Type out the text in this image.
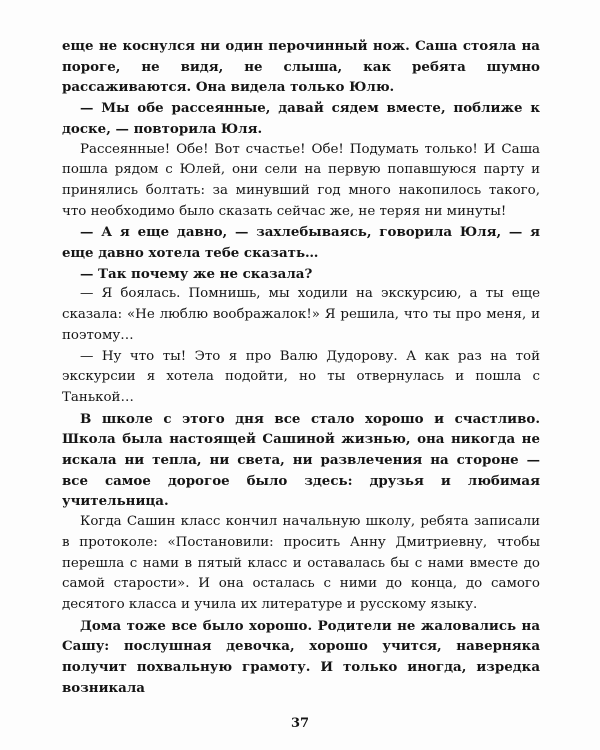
еще не коснулся ни один перочинный нож. Саша стояла на пороге, не видя, не слыша, как ребята шумно рассаживаются. Она видела только Юлю.

— Мы обе рассеянные, давай сядем вместе, поближе к доске, — повторила Юля.

Рассеянные! Обе! Вот счастье! Обе! Подумать только! И Саша пошла рядом с Юлей, они сели на первую попавшуюся парту и принялись болтать: за минувший год много накопилось такого, что необходимо было сказать сейчас же, не теряя ни минуты!

— А я еще давно, — захлебываясь, говорила Юля, — я еще давно хотела тебе сказать…

— Так почему же не сказала?

— Я боялась. Помнишь, мы ходили на экскурсию, а ты еще сказала: «Не люблю воображалок!» Я решила, что ты про меня, и поэтому…

— Ну что ты! Это я про Валю Дудорову. А как раз на той экскурсии я хотела подойти, но ты отвернулась и пошла с Танькой…

В школе с этого дня все стало хорошо и счастливо. Школа была настоящей Сашиной жизнью, она никогда не искала ни тепла, ни света, ни развлечения на стороне — все самое дорогое было здесь: друзья и любимая учительница.

Когда Сашин класс кончил начальную школу, ребята записали в протоколе: «Постановили: просить Анну Дмитриевну, чтобы перешла с нами в пятый класс и оставалась бы с нами вместе до самой старости». И она осталась с ними до конца, до самого десятого класса и учила их литературе и русскому языку.

Дома тоже все было хорошо. Родители не жаловались на Сашу: послушная девочка, хорошо учится, наверняка получит похвальную грамоту. И только иногда, изредка возникала

37
